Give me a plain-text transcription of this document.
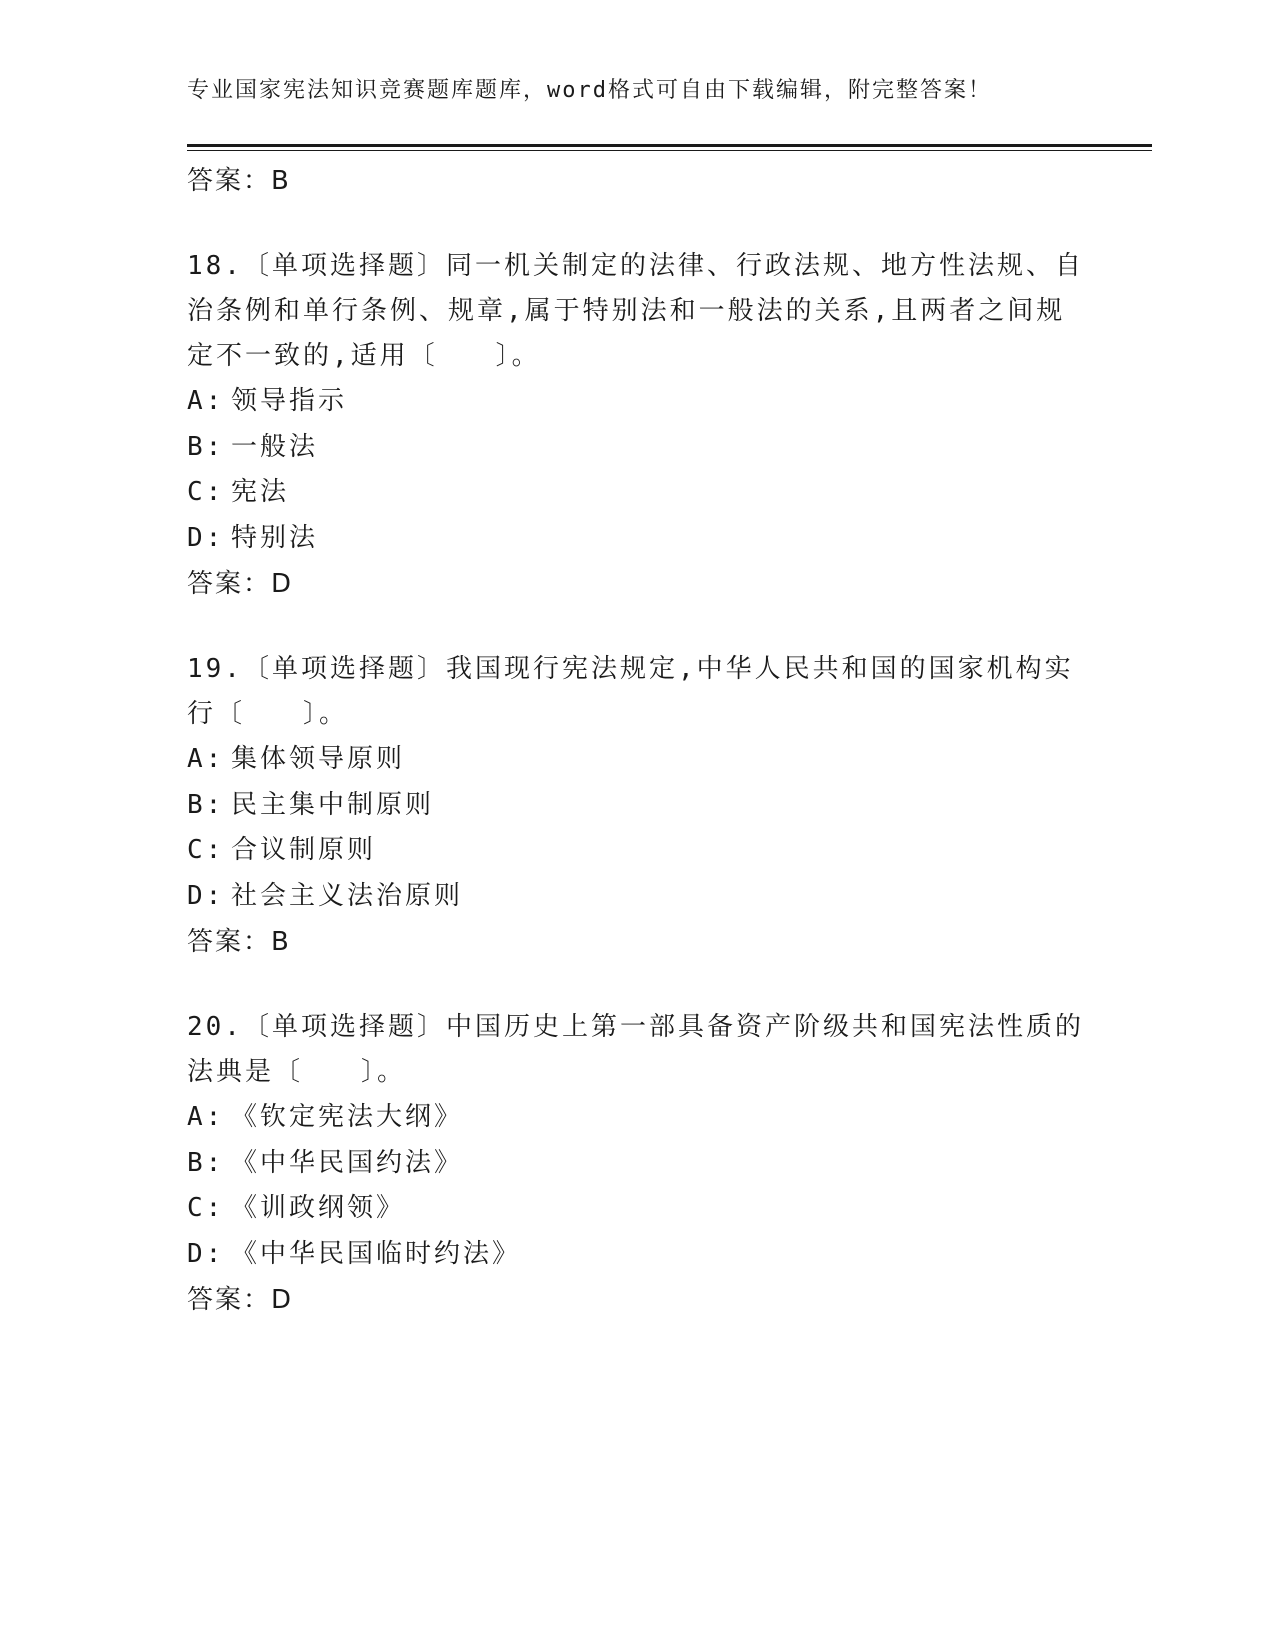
专业国家宪法知识竞赛题库题库，word格式可自由下载编辑，附完整答案！
答案：B
18.〔单项选择题〕同一机关制定的法律、行政法规、地方性法规、自治条例和单行条例、规章,属于特别法和一般法的关系,且两者之间规定不一致的,适用〔　　〕。
A: 领导指示
B: 一般法
C: 宪法
D: 特别法
答案：D
19.〔单项选择题〕我国现行宪法规定,中华人民共和国的国家机构实行〔　　〕。
A: 集体领导原则
B: 民主集中制原则
C: 合议制原则
D: 社会主义法治原则
答案：B
20.〔单项选择题〕中国历史上第一部具备资产阶级共和国宪法性质的法典是〔　　〕。
A: 《钦定宪法大纲》
B: 《中华民国约法》
C: 《训政纲领》
D: 《中华民国临时约法》
答案：D
